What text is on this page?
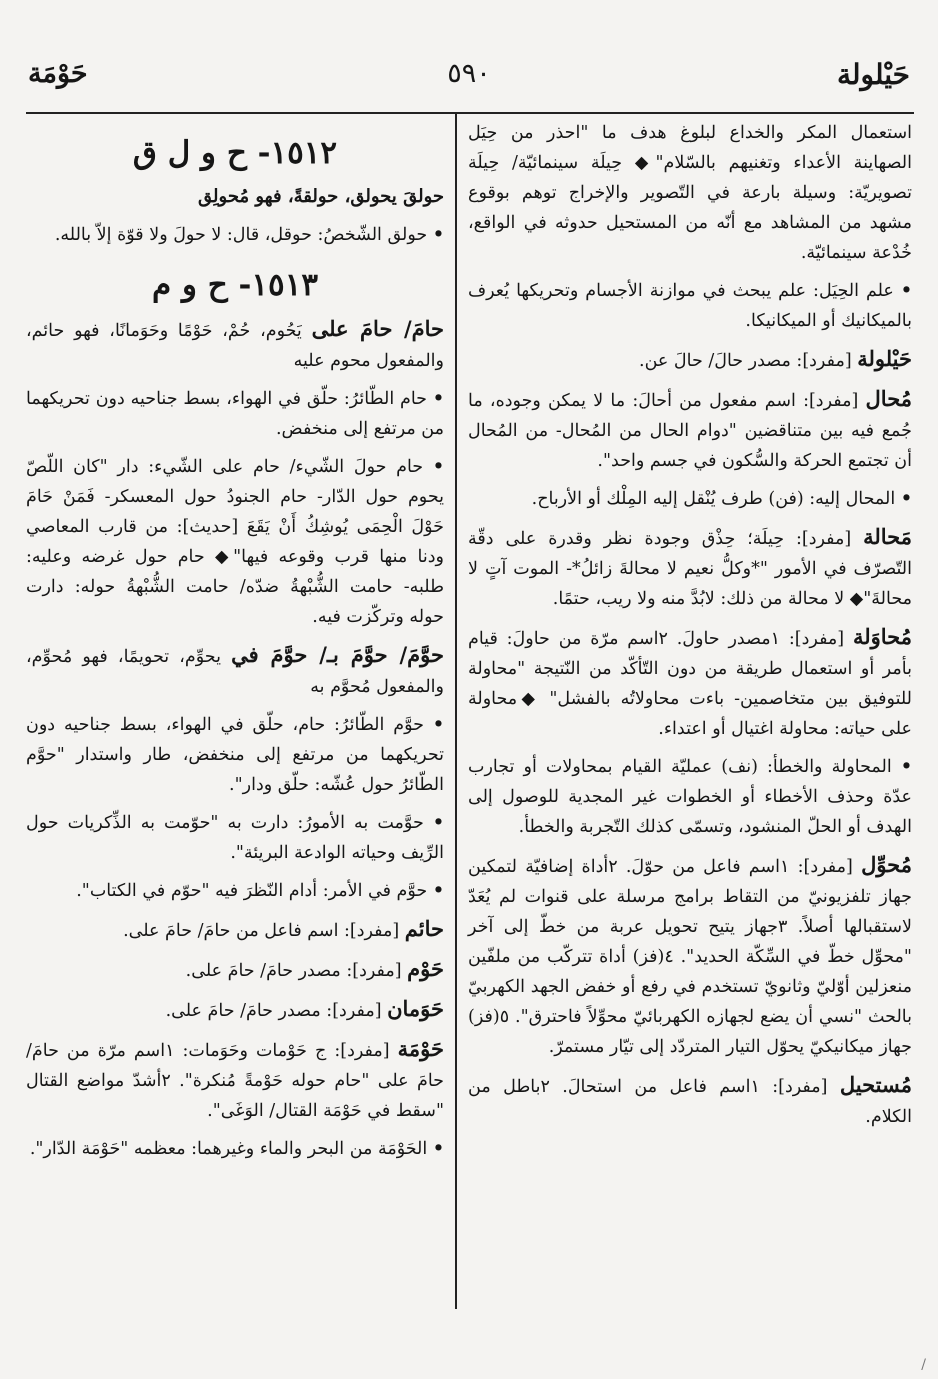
حَيْلولة
٥٩٠
حَوْمَة
استعمال المكر والخداع لبلوغ هدف ما "احذر من حِيَل الصهاينة الأعداء وتغنيهم بالسّلام"◆ حِيلَة سينمائيّة/ حِيلَة تصويريّة: وسيلة بارعة في التّصوير والإخراج توهم بوقوع مشهد من المشاهد مع أنّه من المستحيل حدوثه في الواقع، خُدْعة سينمائيّة.
• علم الحِيَل: علم يبحث في موازنة الأجسام وتحريكها يُعرف بالميكانيك أو الميكانيكا.
حَيْلولة [مفرد]: مصدر حالَ/ حالَ عن.
مُحال [مفرد]: اسم مفعول من أحالَ: ما لا يمكن وجوده، ما جُمع فيه بين متناقضين "دوام الحال من المُحال- من المُحال أن تجتمع الحركة والسُّكون في جسم واحد".
• المحال إليه: (فن) طرف يُنْقل إليه المِلْك أو الأرباح.
مَحالة [مفرد]: حِيلَة؛ حِذْق وجودة نظر وقدرة على دقّة التّصرّف في الأمور "*وكلُّ نعيم لا محالةَ زائلُ*- الموت آتٍ لا محالةَ"◆ لا محالة من ذلك: لابُدَّ منه ولا ريب، حتمًا.
مُحاوَلة [مفرد]: ١مصدر حاولَ. ٢اسم مرّة من حاولَ: قيام بأمر أو استعمال طريقة من دون التّأكّد من النّتيجة "محاولة للتوفيق بين متخاصمين- باءت محاولاتُه بالفشل" ◆محاولة على حياته: محاولة اغتيال أو اعتداء.
• المحاولة والخطأ: (نف) عمليّة القيام بمحاولات أو تجارب عدّة وحذف الأخطاء أو الخطوات غير المجدية للوصول إلى الهدف أو الحلّ المنشود، وتسمّى كذلك التّجربة والخطأ.
مُحوِّل [مفرد]: ١اسم فاعل من حوّلَ. ٢أداة إضافيّة لتمكين جهاز تلفزيونيّ من التقاط برامج مرسلة على قنوات لم يُعَدّ لاستقبالها أصلاً. ٣جهاز يتيح تحويل عربة من خطّ إلى آخر "محوِّل خطّ في السِّكّة الحديد". ٤(فز) أداة تتركّب من ملفّين منعزلين أوّليّ وثانويّ تستخدم في رفع أو خفض الجهد الكهربيّ بالحث "نسي أن يضع لجهازه الكهربائيّ محوِّلاً فاحترق". ٥(فز) جهاز ميكانيكيّ يحوّل التيار المتردّد إلى تيّار مستمرّ.
مُستحيل [مفرد]: ١اسم فاعل من استحالَ. ٢باطل من الكلام.
١٥١٢- ح و ل ق
حولقَ يحولق، حولقةً، فهو مُحولِق
• حولق الشّخصُ: حوقل، قال: لا حولَ ولا قوّة إلاّ بالله.
١٥١٣- ح و م
حامَ/ حامَ على يَحُوم، حُمْ، حَوْمًا وحَوَمانًا، فهو حائم، والمفعول محوم عليه
• حام الطّائرُ: حلّق في الهواء، بسط جناحيه دون تحريكهما من مرتفع إلى منخفض.
• حام حولَ الشّيء/ حام على الشّيء: دار "كان اللّصّ يحوم حول الدّار- حام الجنودُ حول المعسكر- فَمَنْ حَامَ حَوْلَ الْحِمَى يُوشِكُ أَنْ يَقَعَ [حديث]: من قارب المعاصي ودنا منها قرب وقوعه فيها"◆ حام حول غرضه وعليه: طلبه- حامت الشُّبْهةُ ضدّه/ حامت الشُّبْهةُ حوله: دارت حوله وتركّزت فيه.
حوَّمَ/ حوَّمَ بـ/ حوَّمَ في يحوِّم، تحويمًا، فهو مُحوِّم، والمفعول مُحوَّم به
• حوَّم الطّائرُ: حام، حلّق في الهواء، بسط جناحيه دون تحريكهما من مرتفع إلى منخفض، طار واستدار "حوَّم الطّائرُ حول عُشّه: حلّق ودار".
• حوَّمت به الأمورُ: دارت به "حوّمت به الذِّكريات حول الرِّيف وحياته الوادعة البريئة".
• حوَّم في الأمر: أدام النّظرَ فيه "حوّم في الكتاب".
حائم [مفرد]: اسم فاعل من حامَ/ حامَ على.
حَوْم [مفرد]: مصدر حامَ/ حامَ على.
حَوَمان [مفرد]: مصدر حامَ/ حامَ على.
حَوْمَة [مفرد]: ج حَوْمات وحَوَمات: ١اسم مرّة من حامَ/ حامَ على "حام حوله حَوْمةً مُنكرة". ٢أشدّ مواضع القتال "سقط في حَوْمَة القتال/ الوَغَى".
• الحَوْمَة من البحر والماء وغيرهما: معظمه "حَوْمَة الدّار".
/
